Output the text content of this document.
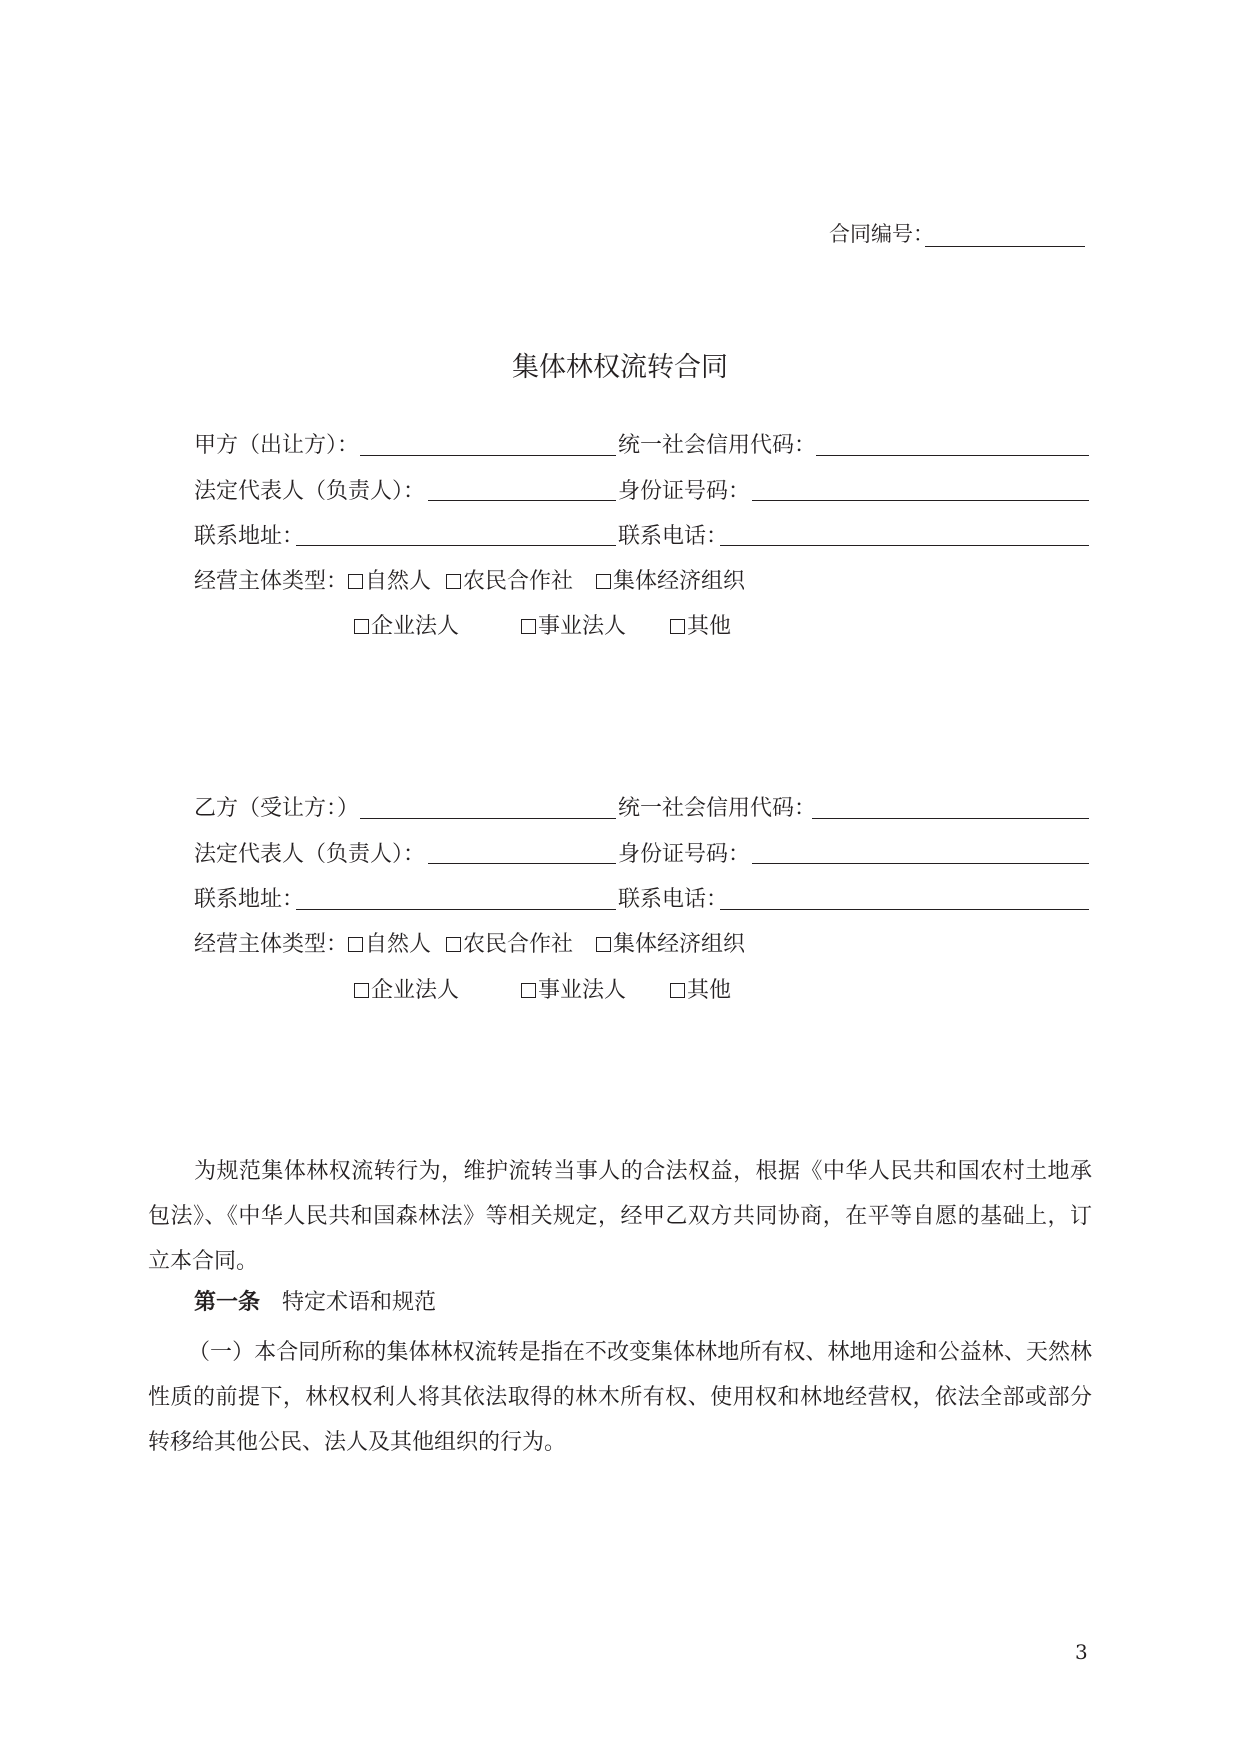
合同编号：
集体林权流转合同
甲方（出让方）：	统一社会信用代码：
法定代表人（负责人）：	身份证号码：
联系地址：	联系电话：
经营主体类型： 自然人	农民合作社	集体经济组织
企业法人	事业法人	其他
乙方（受让方：）	统一社会信用代码：
法定代表人（负责人）：	身份证号码：
联系地址：	联系电话：
经营主体类型： 自然人	农民合作社	集体经济组织
企业法人	事业法人	其他
为规范集体林权流转行为，维护流转当事人的合法权益，根据《中华人民共和国农村土地承包法》、《中华人民共和国森林法》等相关规定，经甲乙双方共同协商，在平等自愿的基础上，订立本合同。
第一条 特定术语和规范
（一）本合同所称的集体林权流转是指在不改变集体林地所有权、林地用途和公益林、天然林性质的前提下，林权权利人将其依法取得的林木所有权、使用权和林地经营权，依法全部或部分转移给其他公民、法人及其他组织的行为。
3
